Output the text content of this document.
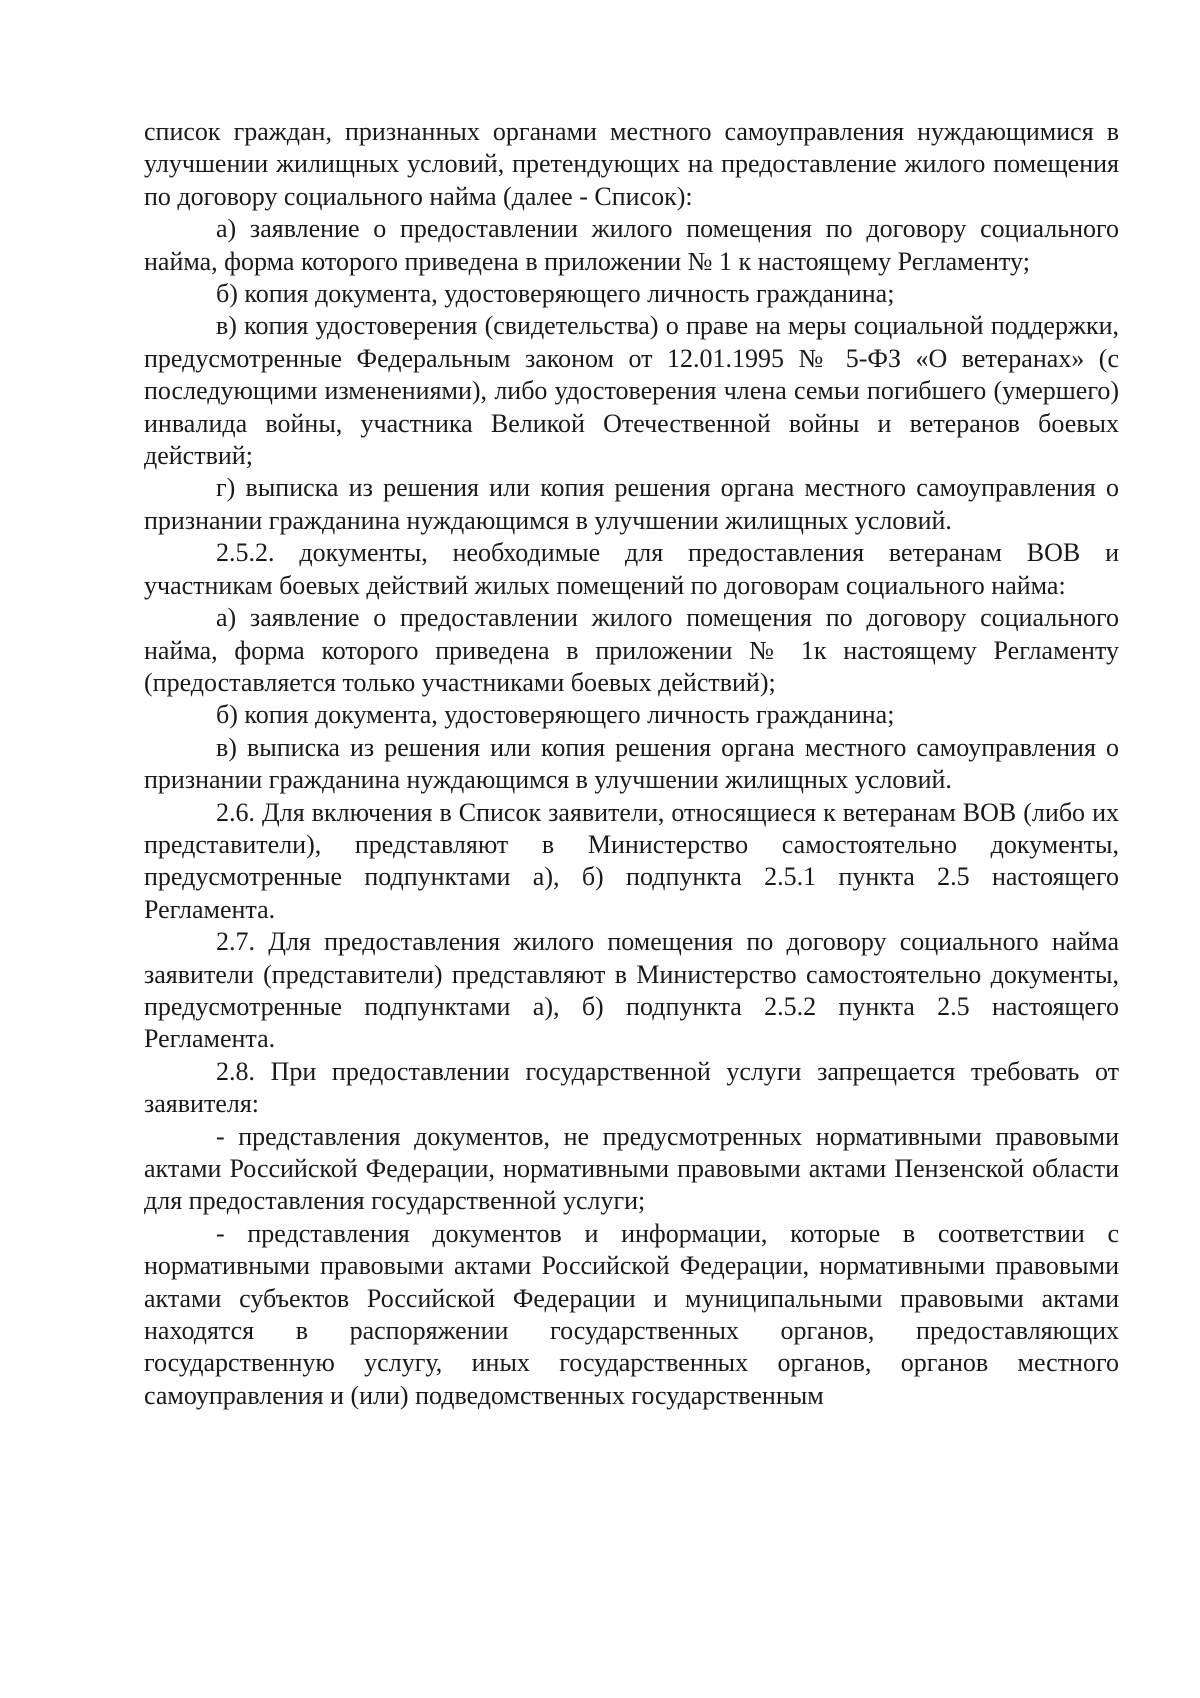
список граждан, признанных органами местного самоуправления нуждающимися в улучшении жилищных условий, претендующих на предоставление жилого помещения по договору социального найма (далее - Список):

а) заявление о предоставлении жилого помещения по договору социального найма, форма которого приведена в приложении № 1 к настоящему Регламенту;

б) копия документа, удостоверяющего личность гражданина;

в) копия удостоверения (свидетельства) о праве на меры социальной поддержки, предусмотренные Федеральным законом от 12.01.1995 № 5-ФЗ «О ветеранах» (с последующими изменениями), либо удостоверения члена семьи погибшего (умершего) инвалида войны, участника Великой Отечественной войны и ветеранов боевых действий;

г) выписка из решения или копия решения органа местного самоуправления о признании гражданина нуждающимся в улучшении жилищных условий.

2.5.2. документы, необходимые для предоставления ветеранам ВОВ и участникам боевых действий жилых помещений по договорам социального найма:

а) заявление о предоставлении жилого помещения по договору социального найма, форма которого приведена в приложении № 1к настоящему Регламенту (предоставляется только участниками боевых действий);

б) копия документа, удостоверяющего личность гражданина;

в) выписка из решения или копия решения органа местного самоуправления о признании гражданина нуждающимся в улучшении жилищных условий.

2.6. Для включения в Список заявители, относящиеся к ветеранам ВОВ (либо их представители), представляют в Министерство самостоятельно документы, предусмотренные подпунктами а), б) подпункта 2.5.1 пункта 2.5 настоящего Регламента.

2.7. Для предоставления жилого помещения по договору социального найма заявители (представители) представляют в Министерство самостоятельно документы, предусмотренные подпунктами а), б) подпункта 2.5.2 пункта 2.5 настоящего Регламента.

2.8. При предоставлении государственной услуги запрещается требовать от заявителя:

- представления документов, не предусмотренных нормативными правовыми актами Российской Федерации, нормативными правовыми актами Пензенской области для предоставления государственной услуги;

- представления документов и информации, которые в соответствии с нормативными правовыми актами Российской Федерации, нормативными правовыми актами субъектов Российской Федерации и муниципальными правовыми актами находятся в распоряжении государственных органов, предоставляющих государственную услугу, иных государственных органов, органов местного самоуправления и (или) подведомственных государственным
